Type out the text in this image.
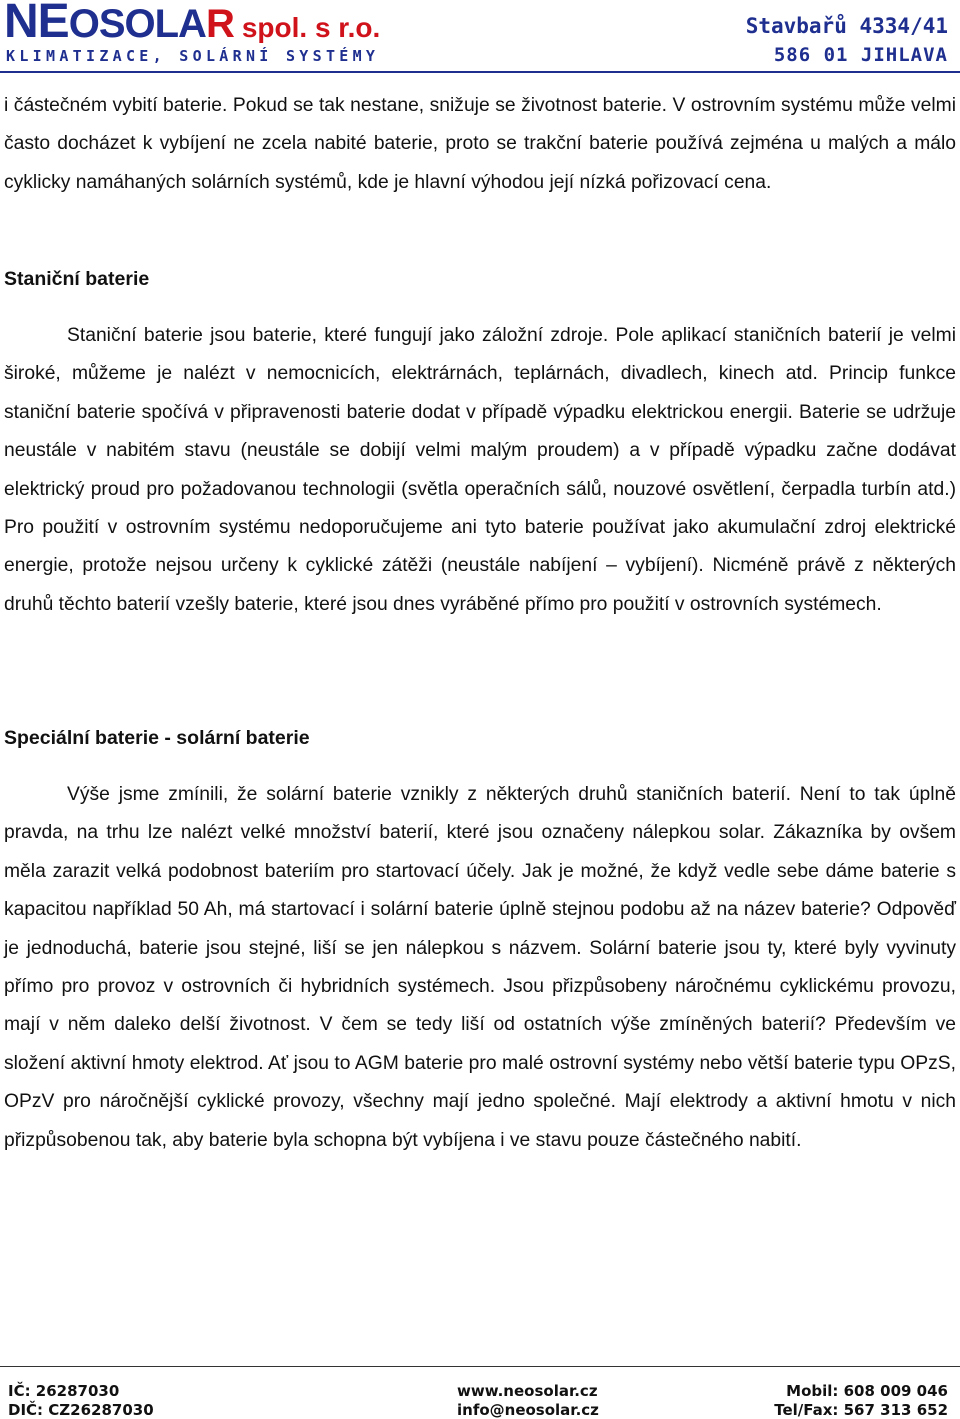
NEOSOLAR spol. s r.o.
KLIMATIZACE, SOLÁRNÍ SYSTÉMY
Stavbařů 4334/41
586 01 JIHLAVA

i částečném vybití baterie. Pokud se tak nestane, snižuje se životnost baterie. V ostrovním systému může velmi často docházet k vybíjení ne zcela nabité baterie, proto se trakční baterie používá zejména u malých a málo cyklicky namáhaných solárních systémů, kde je hlavní výhodou její nízká pořizovací cena.

Staniční baterie

Staniční baterie jsou baterie, které fungují jako záložní zdroje. Pole aplikací staničních baterií je velmi široké, můžeme je nalézt v nemocnicích, elektrárnách, teplárnách, divadlech, kinech atd. Princip funkce staniční baterie spočívá v připravenosti baterie dodat v případě výpadku elektrickou energii. Baterie se udržuje neustále v nabitém stavu (neustále se dobijí velmi malým proudem) a v případě výpadku začne dodávat elektrický proud pro požadovanou technologii (světla operačních sálů, nouzové osvětlení, čerpadla turbín atd.) Pro použití v ostrovním systému nedoporučujeme ani tyto baterie používat jako akumulační zdroj elektrické energie, protože nejsou určeny k cyklické zátěži (neustále nabíjení – vybíjení). Nicméně právě z některých druhů těchto baterií vzešly baterie, které jsou dnes vyráběné přímo pro použití v ostrovních systémech.

Speciální baterie - solární baterie

Výše jsme zmínili, že solární baterie vznikly z některých druhů staničních baterií. Není to tak úplně pravda, na trhu lze nalézt velké množství baterií, které jsou označeny nálepkou solar. Zákazníka by ovšem měla zarazit velká podobnost bateriím pro startovací účely. Jak je možné, že když vedle sebe dáme baterie s kapacitou například 50 Ah, má startovací i solární baterie úplně stejnou podobu až na název baterie? Odpověď je jednoduchá, baterie jsou stejné, liší se jen nálepkou s názvem. Solární baterie jsou ty, které byly vyvinuty přímo pro provoz v ostrovních či hybridních systémech. Jsou přizpůsobeny náročnému cyklickému provozu, mají v něm daleko delší životnost. V čem se tedy liší od ostatních výše zmíněných baterií? Především ve složení aktivní hmoty elektrod. Ať jsou to AGM baterie pro malé ostrovní systémy nebo větší baterie typu OPzS, OPzV pro náročnější cyklické provozy, všechny mají jedno společné. Mají elektrody a aktivní hmotu v nich přizpůsobenou tak, aby baterie byla schopna být vybíjena i ve stavu pouze částečného nabití.

IČ: 26287030
DIČ: CZ26287030
www.neosolar.cz
info@neosolar.cz
Mobil: 608 009 046
Tel/Fax: 567 313 652
